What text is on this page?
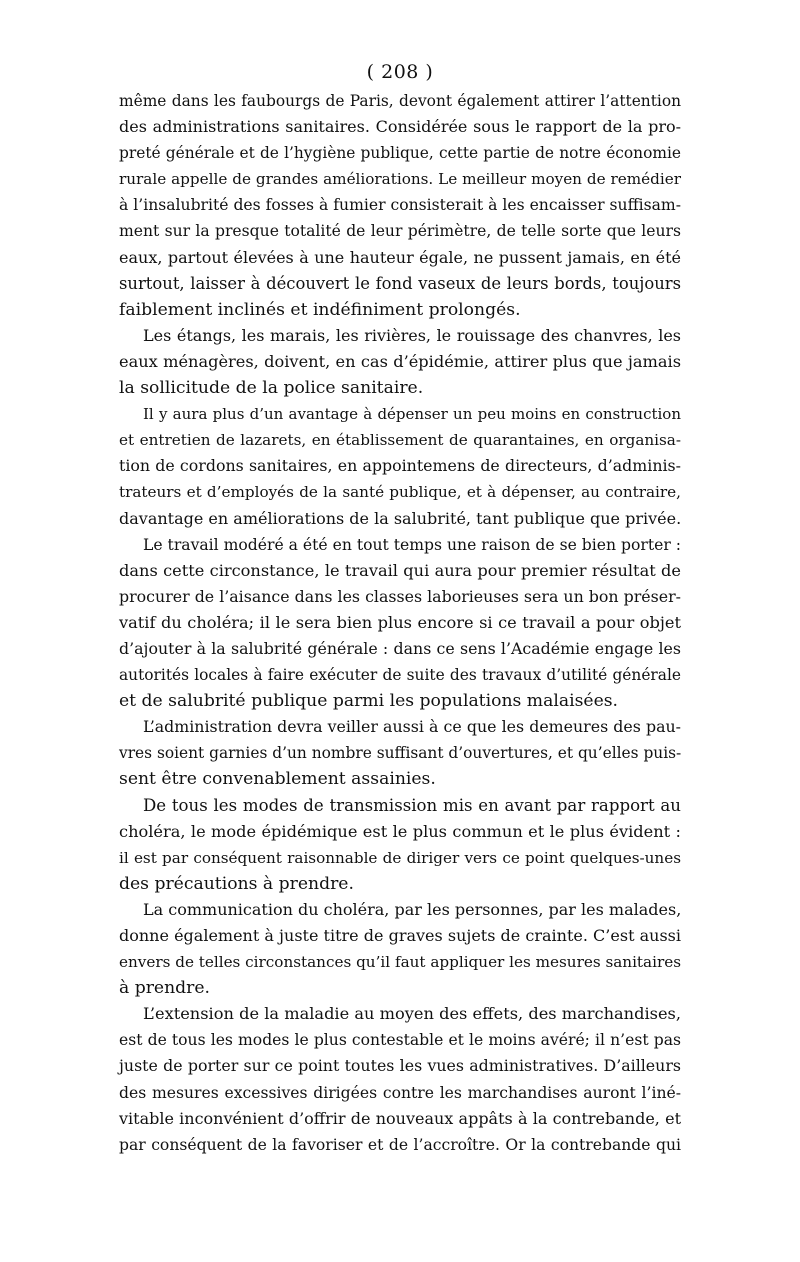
( 208 )
même dans les faubourgs de Paris, devont également attirer l’attention
des administrations sanitaires. Considérée sous le rapport de la pro-
preté générale et de l’hygiène publique, cette partie de notre économie
rurale appelle de grandes améliorations. Le meilleur moyen de remédier
à l’insalubrité des fosses à fumier consisterait à les encaisser suffisam-
ment sur la presque totalité de leur périmètre, de telle sorte que leurs
eaux, partout élevées à une hauteur égale, ne pussent jamais, en été
surtout, laisser à découvert le fond vaseux de leurs bords, toujours
faiblement inclinés et indéfiniment prolongés.
Les étangs, les marais, les rivières, le rouissage des chanvres, les
eaux ménagères, doivent, en cas d’épidémie, attirer plus que jamais
la sollicitude de la police sanitaire.
Il y aura plus d’un avantage à dépenser un peu moins en construction
et entretien de lazarets, en établissement de quarantaines, en organisa-
tion de cordons sanitaires, en appointemens de directeurs, d’adminis-
trateurs et d’employés de la santé publique, et à dépenser, au contraire,
davantage en améliorations de la salubrité, tant publique que privée.
Le travail modéré a été en tout temps une raison de se bien porter :
dans cette circonstance, le travail qui aura pour premier résultat de
procurer de l’aisance dans les classes laborieuses sera un bon préser-
vatif du choléra; il le sera bien plus encore si ce travail a pour objet
d’ajouter à la salubrité générale : dans ce sens l’Académie engage les
autorités locales à faire exécuter de suite des travaux d’utilité générale
et de salubrité publique parmi les populations malaisées.
L’administration devra veiller aussi à ce que les demeures des pau-
vres soient garnies d’un nombre suffisant d’ouvertures, et qu’elles puis-
sent être convenablement assainies.
De tous les modes de transmission mis en avant par rapport au
choléra, le mode épidémique est le plus commun et le plus évident :
il est par conséquent raisonnable de diriger vers ce point quelques-unes
des précautions à prendre.
La communication du choléra, par les personnes, par les malades,
donne également à juste titre de graves sujets de crainte. C’est aussi
envers de telles circonstances qu’il faut appliquer les mesures sanitaires
à prendre.
L’extension de la maladie au moyen des effets, des marchandises,
est de tous les modes le plus contestable et le moins avéré; il n’est pas
juste de porter sur ce point toutes les vues administratives. D’ailleurs
des mesures excessives dirigées contre les marchandises auront l’iné-
vitable inconvénient d’offrir de nouveaux appâts à la contrebande, et
par conséquent de la favoriser et de l’accroître. Or la contrebande qui
